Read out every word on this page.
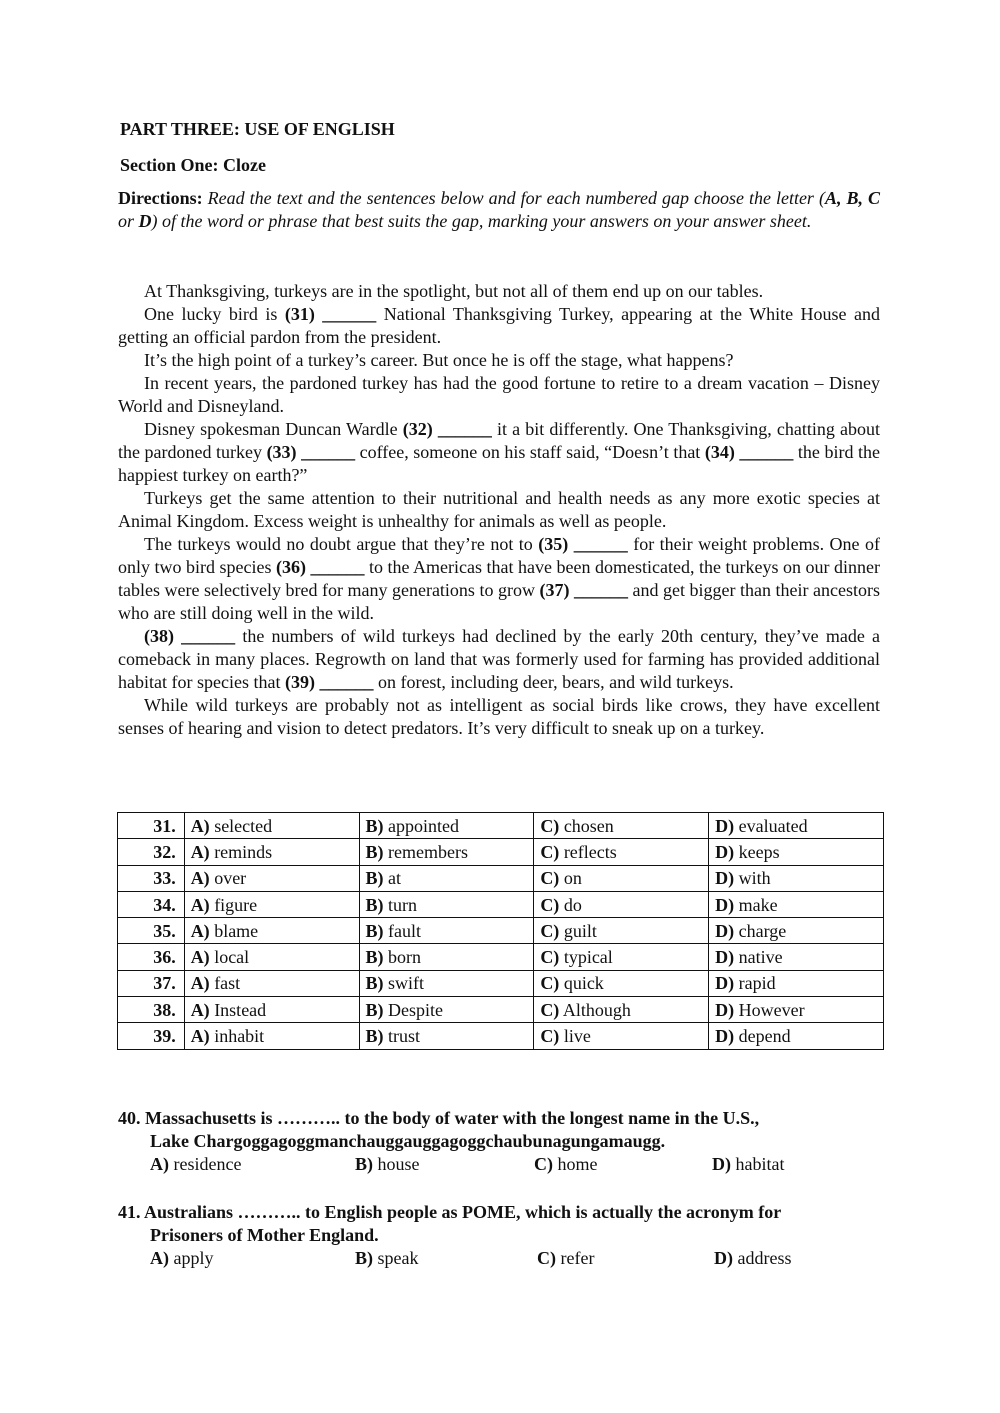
PART THREE: USE OF ENGLISH
Section One: Cloze
Directions: Read the text and the sentences below and for each numbered gap choose the letter (A, B, C or D) of the word or phrase that best suits the gap, marking your answers on your answer sheet.

At Thanksgiving, turkeys are in the spotlight, but not all of them end up on our tables.

One lucky bird is (31) ______ National Thanksgiving Turkey, appearing at the White House and getting an official pardon from the president.

It’s the high point of a turkey’s career. But once he is off the stage, what happens?

In recent years, the pardoned turkey has had the good fortune to retire to a dream vacation – Disney World and Disneyland.

Disney spokesman Duncan Wardle (32) ______ it a bit differently. One Thanksgiving, chatting about the pardoned turkey (33) ______ coffee, someone on his staff said, “Doesn’t that (34) ______ the bird the happiest turkey on earth?”

Turkeys get the same attention to their nutritional and health needs as any more exotic species at Animal Kingdom. Excess weight is unhealthy for animals as well as people.

The turkeys would no doubt argue that they’re not to (35) ______ for their weight problems. One of only two bird species (36) ______ to the Americas that have been domesticated, the turkeys on our dinner tables were selectively bred for many generations to grow (37) ______ and get bigger than their ancestors who are still doing well in the wild.

(38) ______ the numbers of wild turkeys had declined by the early 20th century, they’ve made a comeback in many places. Regrowth on land that was formerly used for farming has provided additional habitat for species that (39) ______ on forest, including deer, bears, and wild turkeys.

While wild turkeys are probably not as intelligent as social birds like crows, they have excellent senses of hearing and vision to detect predators. It’s very difficult to sneak up on a turkey.

31.	A) selected	B) appointed	C) chosen	D) evaluated
32.	A) reminds	B) remembers	C) reflects	D) keeps
33.	A) over	B) at	C) on	D) with
34.	A) figure	B) turn	C) do	D) make
35.	A) blame	B) fault	C) guilt	D) charge
36.	A) local	B) born	C) typical	D) native
37.	A) fast	B) swift	C) quick	D) rapid
38.	A) Instead	B) Despite	C) Although	D) However
39.	A) inhabit	B) trust	C) live	D) depend
40. Massachusetts is ……….. to the body of water with the longest name in the U.S.,
Lake Chargoggagoggmanchauggauggagoggchaubunagungamaugg.
A) residence	B) house	C) home	D) habitat
41. Australians ……….. to English people as POME, which is actually the acronym for
Prisoners of Mother England.
A) apply	B) speak	C) refer	D) address
